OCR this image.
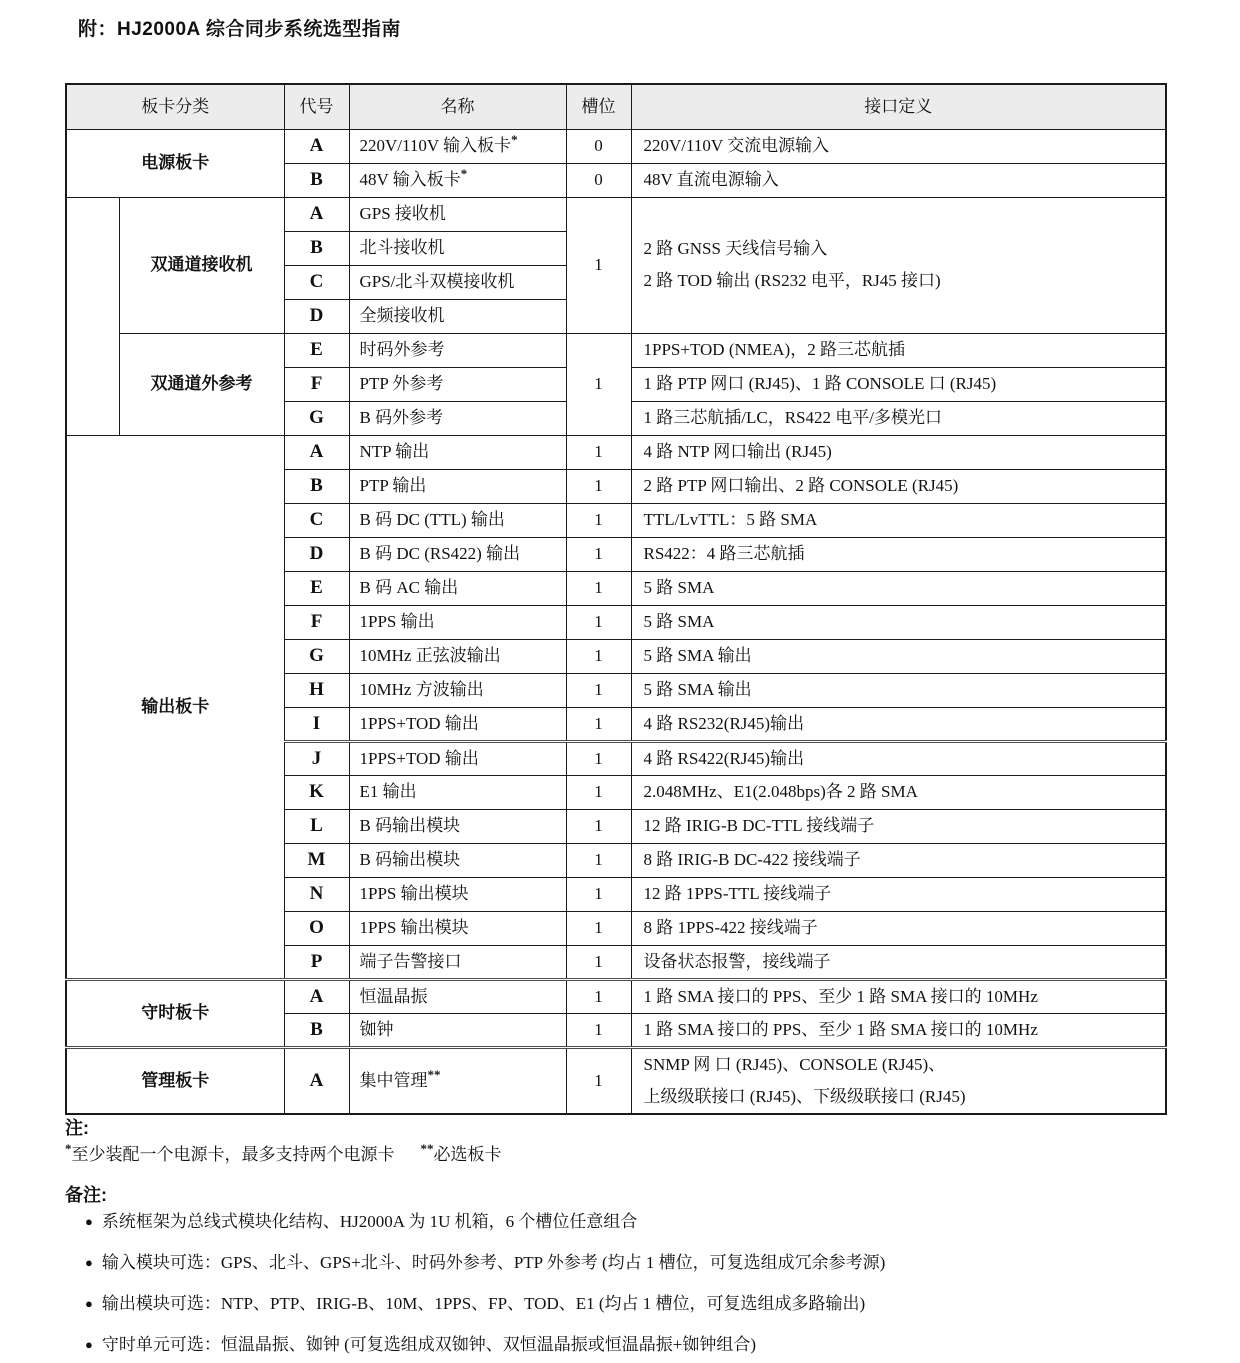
附：HJ2000A 综合同步系统选型指南
板卡分类		代号	名称	槽位	接口定义
电源板卡		A	220V/110V 输入板卡*	0	220V/110V 交流电源输入
		B	48V 输入板卡*	0	48V 直流电源输入
	双通道接收机	A	GPS 接收机	1	2 路 GNSS 天线信号输入
2 路 TOD 输出 (RS232 电平，RJ45 接口)

		B	北斗接收机		
		C	GPS/北斗双模接收机		
		D	全频接收机		
	双通道外参考	E	时码外参考	1	1PPS+TOD (NMEA)，2 路三芯航插
		F	PTP 外参考		1 路 PTP 网口 (RJ45)、1 路 CONSOLE 口 (RJ45)
		G	B 码外参考		1 路三芯航插/LC，RS422 电平/多模光口
输出板卡		A	NTP 输出	1	4 路 NTP 网口输出 (RJ45)
		B	PTP 输出	1	2 路 PTP 网口输出、2 路 CONSOLE (RJ45)
		C	B 码 DC (TTL) 输出	1	TTL/LvTTL：5 路 SMA
		D	B 码 DC (RS422) 输出	1	RS422：4 路三芯航插
		E	B 码 AC 输出	1	5 路 SMA
		F	1PPS 输出	1	5 路 SMA
		G	10MHz 正弦波输出	1	5 路 SMA 输出
		H	10MHz 方波输出	1	5 路 SMA 输出
		I	1PPS+TOD 输出	1	4 路 RS232(RJ45)输出
		J	1PPS+TOD 输出	1	4 路 RS422(RJ45)输出
		K	E1 输出	1	2.048MHz、E1(2.048bps)各 2 路 SMA
		L	B 码输出模块	1	12 路 IRIG-B DC-TTL 接线端子
		M	B 码输出模块	1	8 路 IRIG-B DC-422 接线端子
		N	1PPS 输出模块	1	12 路 1PPS-TTL 接线端子
		O	1PPS 输出模块	1	8 路 1PPS-422 接线端子
		P	端子告警接口	1	设备状态报警，接线端子
守时板卡		A	恒温晶振	1	1 路 SMA 接口的 PPS、至少 1 路 SMA 接口的 10MHz
		B	铷钟	1	1 路 SMA 接口的 PPS、至少 1 路 SMA 接口的 10MHz
管理板卡		A	集中管理**	1	SNMP 网 口 (RJ45)、CONSOLE (RJ45)、
上级级联接口 (RJ45)、下级级联接口 (RJ45)
注:
*至少装配一个电源卡，最多支持两个电源卡 **必选板卡
备注:
● 系统框架为总线式模块化结构、HJ2000A 为 1U 机箱，6 个槽位任意组合
● 输入模块可选：GPS、北斗、GPS+北斗、时码外参考、PTP 外参考 (均占 1 槽位，可复选组成冗余参考源)
● 输出模块可选：NTP、PTP、IRIG-B、10M、1PPS、FP、TOD、E1 (均占 1 槽位，可复选组成多路输出)
● 守时单元可选：恒温晶振、铷钟 (可复选组成双铷钟、双恒温晶振或恒温晶振+铷钟组合)
